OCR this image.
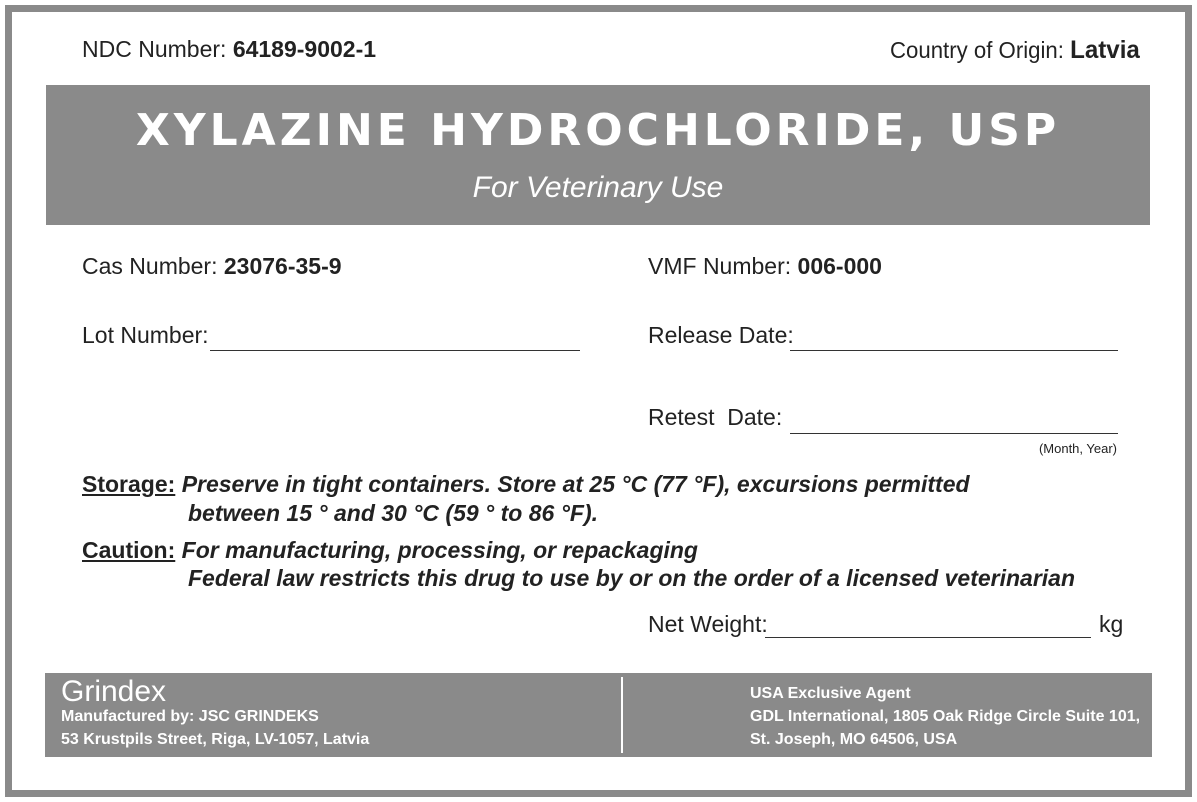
NDC Number: 64189-9002-1	Country of Origin: Latvia
XYLAZINE HYDROCHLORIDE, USP
For Veterinary Use
Cas Number: 23076-35-9	VMF Number: 006-000
Lot Number:	Release Date:
Retest  Date:
(Month, Year)
Storage: Preserve in tight containers. Store at 25 °C (77 °F), excursions permitted
between 15 ° and 30 °C (59 ° to 86 °F).
Caution: For manufacturing, processing, or repackaging
Federal law restricts this drug to use by or on the order of a licensed veterinarian
Net Weight:	kg
Grindex
Manufactured by: JSC GRINDEKS
53 Krustpils Street, Riga, LV-1057, Latvia
USA Exclusive Agent
GDL International, 1805 Oak Ridge Circle Suite 101,
St. Joseph, MO 64506, USA
